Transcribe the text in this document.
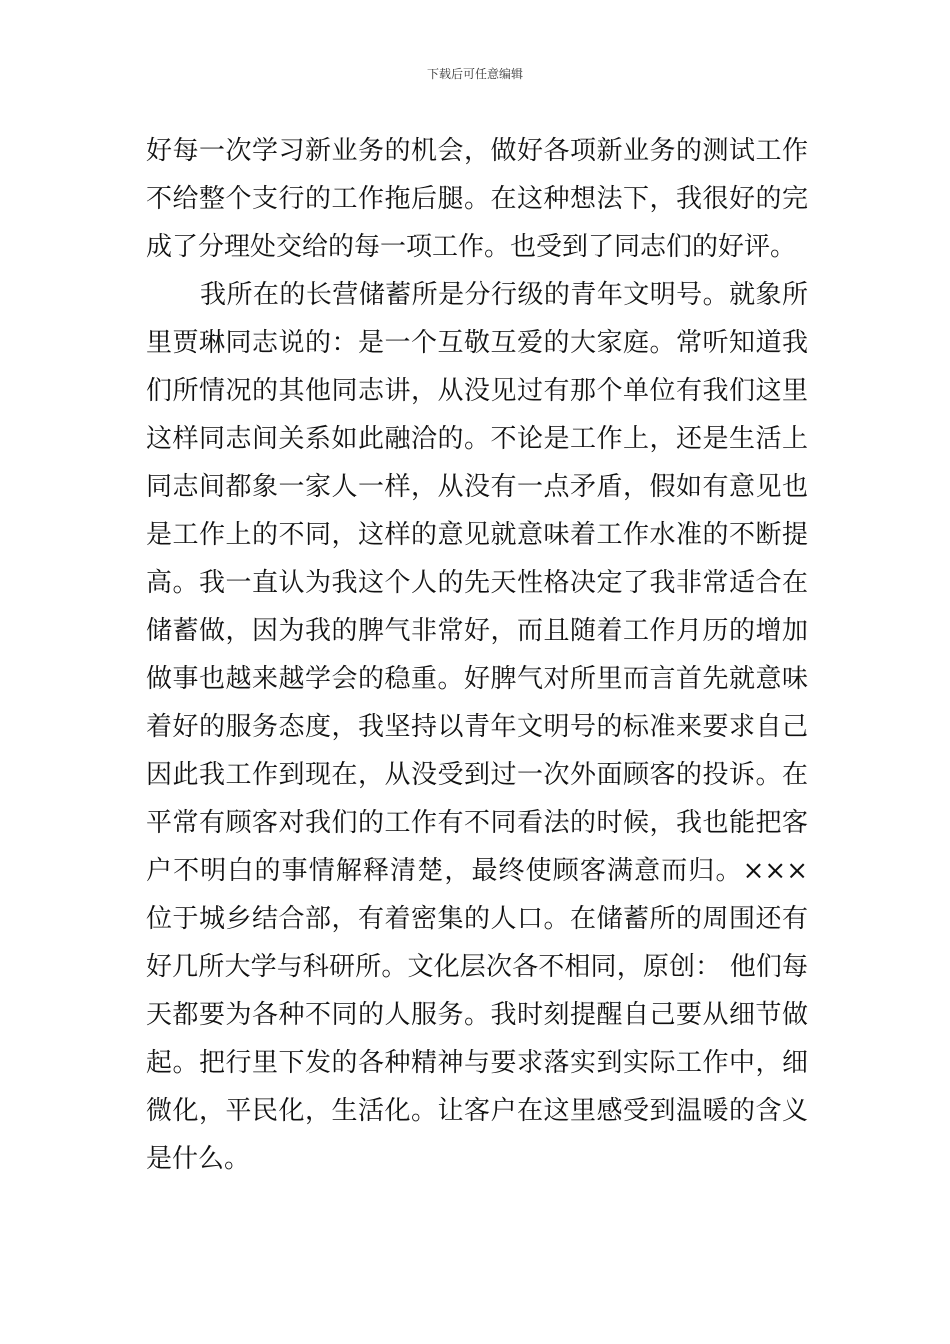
下载后可任意编辑
好每一次学习新业务的机会，做好各项新业务的测试工作
不给整个支行的工作拖后腿。在这种想法下，我很好的完
成了分理处交给的每一项工作。也受到了同志们的好评。
我所在的长营储蓄所是分行级的青年文明号。就象所
里贾琳同志说的：是一个互敬互爱的大家庭。常听知道我
们所情况的其他同志讲，从没见过有那个单位有我们这里
这样同志间关系如此融洽的。不论是工作上，还是生活上
同志间都象一家人一样，从没有一点矛盾，假如有意见也
是工作上的不同，这样的意见就意味着工作水准的不断提
高。我一直认为我这个人的先天性格决定了我非常适合在
储蓄做，因为我的脾气非常好，而且随着工作月历的增加
做事也越来越学会的稳重。好脾气对所里而言首先就意味
着好的服务态度，我坚持以青年文明号的标准来要求自己
因此我工作到现在，从没受到过一次外面顾客的投诉。在
平常有顾客对我们的工作有不同看法的时候，我也能把客
户不明白的事情解释清楚，最终使顾客满意而归。×××
位于城乡结合部，有着密集的人口。在储蓄所的周围还有
好几所大学与科研所。文化层次各不相同，原创： 他们每
天都要为各种不同的人服务。我时刻提醒自己要从细节做
起。把行里下发的各种精神与要求落实到实际工作中，细
微化，平民化，生活化。让客户在这里感受到温暖的含义
是什么。
